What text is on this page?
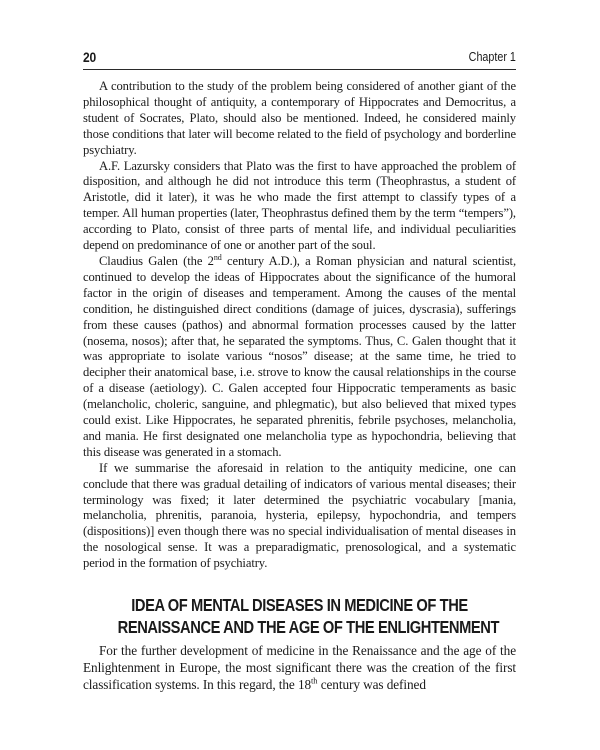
20	Chapter 1

A contribution to the study of the problem being considered of another giant of the philosophical thought of antiquity, a contemporary of Hippocrates and Democritus, a student of Socrates, Plato, should also be mentioned. Indeed, he considered mainly those conditions that later will become related to the field of psychology and borderline psychiatry.

A.F. Lazursky considers that Plato was the first to have approached the problem of disposition, and although he did not introduce this term (Theophrastus, a student of Aristotle, did it later), it was he who made the first attempt to classify types of a temper. All human properties (later, Theophrastus defined them by the term “tempers”), according to Plato, consist of three parts of mental life, and individual peculiarities depend on predominance of one or another part of the soul.

Claudius Galen (the 2nd century A.D.), a Roman physician and natural scientist, continued to develop the ideas of Hippocrates about the significance of the humoral factor in the origin of diseases and temperament. Among the causes of the mental condition, he distinguished direct conditions (damage of juices, dyscrasia), sufferings from these causes (pathos) and abnormal formation processes caused by the latter (nosema, nosos); after that, he separated the symptoms. Thus, C. Galen thought that it was appropriate to isolate various “nosos” disease; at the same time, he tried to decipher their anatomical base, i.e. strove to know the causal relationships in the course of a disease (aetiology). C. Galen accepted four Hippocratic temperaments as basic (melancholic, choleric, sanguine, and phlegmatic), but also believed that mixed types could exist. Like Hippocrates, he separated phrenitis, febrile psychoses, melancholia, and mania. He first designated one melancholia type as hypochondria, believing that this disease was generated in a stomach.

If we summarise the aforesaid in relation to the antiquity medicine, one can conclude that there was gradual detailing of indicators of various mental diseases; their terminology was fixed; it later determined the psychiatric vocabulary [mania, melancholia, phrenitis, paranoia, hysteria, epilepsy, hypochondria, and tempers (dispositions)] even though there was no special individualisation of mental diseases in the nosological sense. It was a preparadigmatic, prenosological, and a systematic period in the formation of psychiatry.

IDEA OF MENTAL DISEASES IN MEDICINE OF THE
RENAISSANCE AND THE AGE OF THE ENLIGHTENMENT

For the further development of medicine in the Renaissance and the age of the Enlightenment in Europe, the most significant there was the creation of the first classification systems. In this regard, the 18th century was defined
